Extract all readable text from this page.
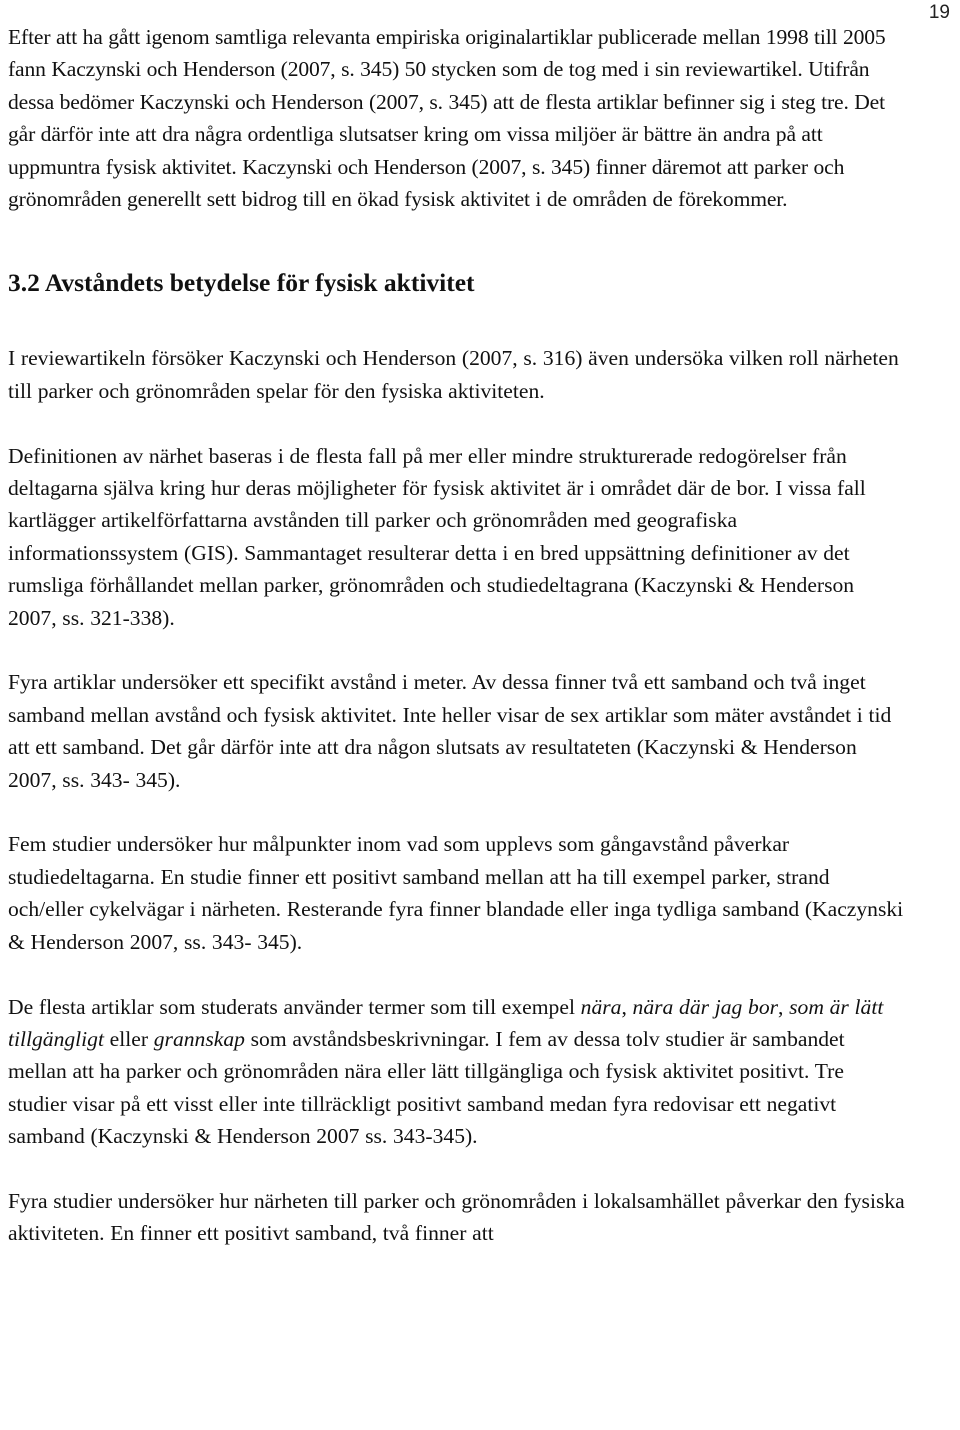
19

Efter att ha gått igenom samtliga relevanta empiriska originalartiklar publicerade mellan 1998 till 2005 fann Kaczynski och Henderson (2007, s. 345) 50 stycken som de tog med i sin reviewartikel. Utifrån dessa bedömer Kaczynski och Henderson (2007, s. 345) att de flesta artiklar befinner sig i steg tre. Det går därför inte att dra några ordentliga slutsatser kring om vissa miljöer är bättre än andra på att uppmuntra fysisk aktivitet. Kaczynski och Henderson (2007, s. 345) finner däremot att parker och grönområden generellt sett bidrog till en ökad fysisk aktivitet i de områden de förekommer.

3.2 Avståndets betydelse för fysisk aktivitet

I reviewartikeln försöker Kaczynski och Henderson (2007, s. 316) även undersöka vilken roll närheten till parker och grönområden spelar för den fysiska aktiviteten.

Definitionen av närhet baseras i de flesta fall på mer eller mindre strukturerade redogörelser från deltagarna själva kring hur deras möjligheter för fysisk aktivitet är i området där de bor. I vissa fall kartlägger artikelförfattarna avstånden till parker och grönområden med geografiska informationssystem (GIS). Sammantaget resulterar detta i en bred uppsättning definitioner av det rumsliga förhållandet mellan parker, grönområden och studiedeltagrana (Kaczynski & Henderson 2007, ss. 321-338).

Fyra artiklar undersöker ett specifikt avstånd i meter. Av dessa finner två ett samband och två inget samband mellan avstånd och fysisk aktivitet. Inte heller visar de sex artiklar som mäter avståndet i tid att ett samband. Det går därför inte att dra någon slutsats av resultateten (Kaczynski & Henderson 2007, ss. 343- 345).

Fem studier undersöker hur målpunkter inom vad som upplevs som gångavstånd påverkar studiedeltagarna. En studie finner ett positivt samband mellan att ha till exempel parker, strand och/eller cykelvägar i närheten. Resterande fyra finner blandade eller inga tydliga samband (Kaczynski & Henderson 2007, ss. 343- 345).

De flesta artiklar som studerats använder termer som till exempel nära, nära där jag bor, som är lätt tillgängligt eller grannskap som avståndsbeskrivningar. I fem av dessa tolv studier är sambandet mellan att ha parker och grönområden nära eller lätt tillgängliga och fysisk aktivitet positivt. Tre studier visar på ett visst eller inte tillräckligt positivt samband medan fyra redovisar ett negativt samband (Kaczynski & Henderson 2007 ss. 343-345).

Fyra studier undersöker hur närheten till parker och grönområden i lokalsamhället påverkar den fysiska aktiviteten. En finner ett positivt samband, två finner att
